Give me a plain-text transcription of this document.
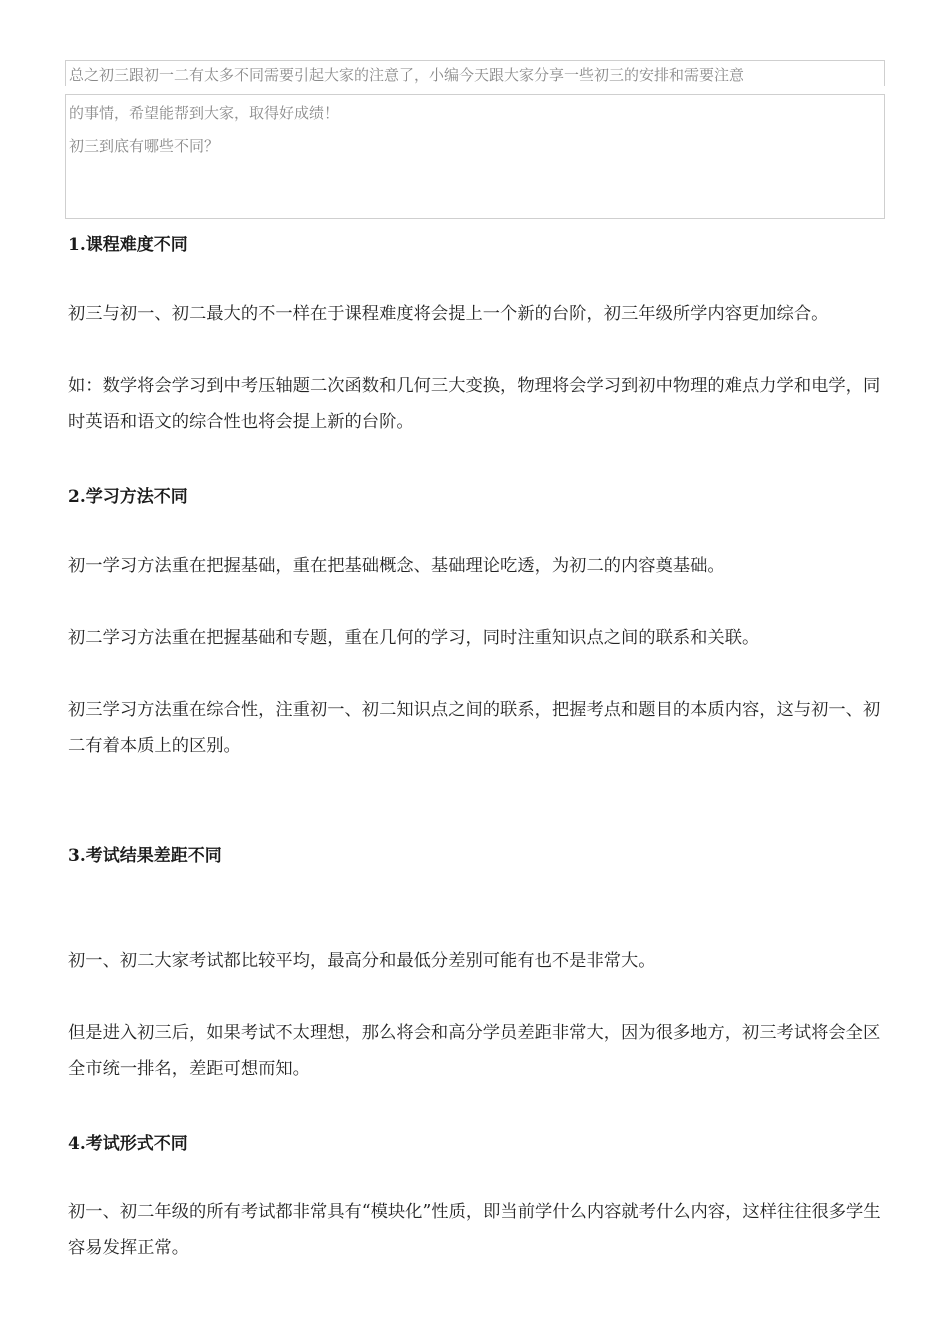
总之初三跟初一二有太多不同需要引起大家的注意了，小编今天跟大家分享一些初三的安排和需要注意

的事情，希望能帮到大家，取得好成绩！

初三到底有哪些不同？

1.课程难度不同

初三与初一、初二最大的不一样在于课程难度将会提上一个新的台阶，初三年级所学内容更加综合。

如：数学将会学习到中考压轴题二次函数和几何三大变换，物理将会学习到初中物理的难点力学和电学，同时英语和语文的综合性也将会提上新的台阶。

2.学习方法不同

初一学习方法重在把握基础，重在把基础概念、基础理论吃透，为初二的内容奠基础。

初二学习方法重在把握基础和专题，重在几何的学习，同时注重知识点之间的联系和关联。

初三学习方法重在综合性，注重初一、初二知识点之间的联系，把握考点和题目的本质内容，这与初一、初二有着本质上的区别。

3.考试结果差距不同

初一、初二大家考试都比较平均，最高分和最低分差别可能有也不是非常大。

但是进入初三后，如果考试不太理想，那么将会和高分学员差距非常大，因为很多地方，初三考试将会全区全市统一排名，差距可想而知。

4.考试形式不同

初一、初二年级的所有考试都非常具有“模块化”性质，即当前学什么内容就考什么内容，这样往往很多学生容易发挥正常。
